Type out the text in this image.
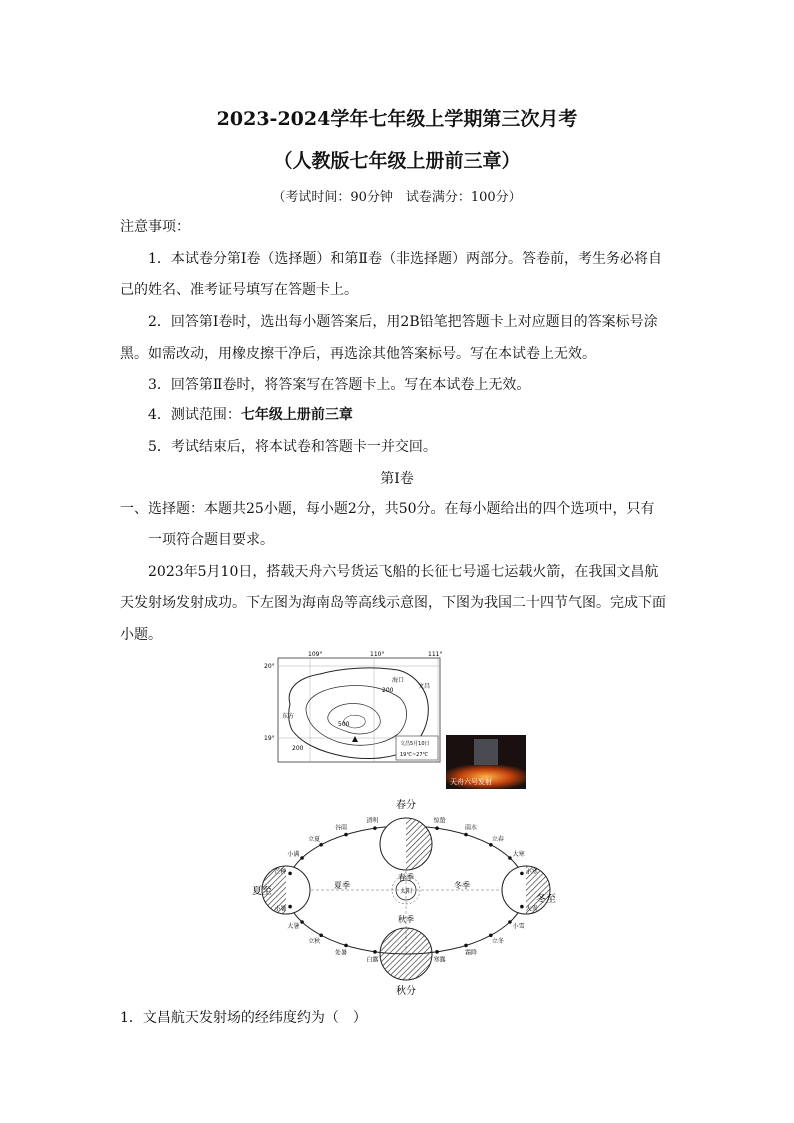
2023-2024学年七年级上学期第三次月考
（人教版七年级上册前三章）
（考试时间：90分钟　试卷满分：100分）
注意事项：
1．本试卷分第Ⅰ卷（选择题）和第Ⅱ卷（非选择题）两部分。答卷前，考生务必将自
己的姓名、准考证号填写在答题卡上。
2．回答第Ⅰ卷时，选出每小题答案后，用2B铅笔把答题卡上对应题目的答案标号涂
黑。如需改动，用橡皮擦干净后，再选涂其他答案标号。写在本试卷上无效。
3．回答第Ⅱ卷时，将答案写在答题卡上。写在本试卷上无效。
4．测试范围：七年级上册前三章
5．考试结束后，将本试卷和答题卡一并交回。
第Ⅰ卷
一、选择题：本题共25小题，每小题2分，共50分。在每小题给出的四个选项中，只有
一项符合题目要求。
2023年5月10日，搭载天舟六号货运飞船的长征七号遥七运载火箭，在我国文昌航
天发射场发射成功。下左图为海南岛等高线示意图，下图为我国二十四节气图。完成下面
小题。
109°	110°	111°
20°
19°
200
200
500
海口
文昌
东方
文昌5月10日
19℃~27℃
天舟六号发射
太阳
春分
夏至
秋分
冬至
夏季	冬季
春季
秋季
清明
谷雨
立夏
小满
芒种
惊蛰
雨水
立春
大寒
小寒
小暑
大暑
立秋
处暑
白露	寒露
霜降
立冬
小雪
大雪
1．文昌航天发射场的经纬度约为（　）
